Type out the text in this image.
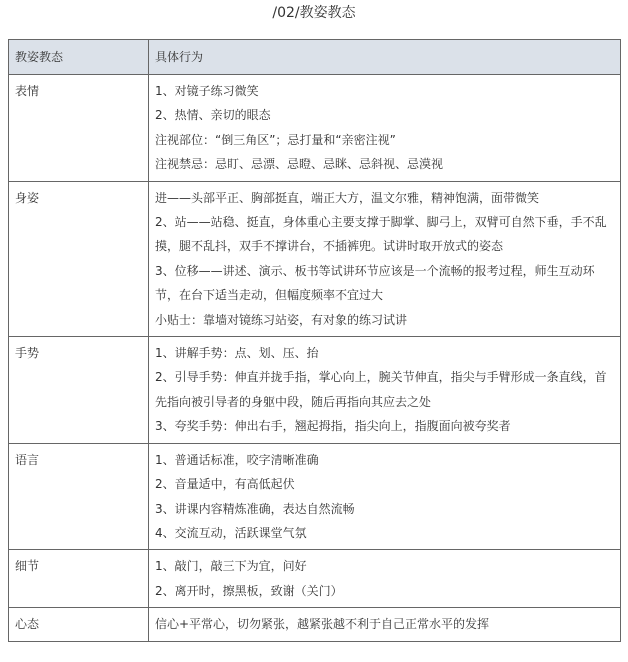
/02/教姿教态
教姿教态	具体行为

表情	1、对镜子练习微笑
2、热情、亲切的眼态
注视部位：“倒三角区”；忌打量和“亲密注视”
注视禁忌：忌盯、忌漂、忌瞪、忌眯、忌斜视、忌漠视

身姿	进——头部平正、胸部挺直，端正大方，温文尔雅，精神饱满，面带微笑
2、站——站稳、挺直，身体重心主要支撑于脚掌、脚弓上，双臂可自然下垂，手不乱摸，腿不乱抖，双手不撑讲台，不插裤兜。试讲时取开放式的姿态
3、位移——讲述、演示、板书等试讲环节应该是一个流畅的报考过程，师生互动环节，在台下适当走动，但幅度频率不宜过大
小贴士：靠墙对镜练习站姿，有对象的练习试讲

手势	1、讲解手势：点、划、压、抬
2、引导手势：伸直并拢手指，掌心向上，腕关节伸直，指尖与手臂形成一条直线，首先指向被引导者的身躯中段，随后再指向其应去之处
3、夸奖手势：伸出右手，翘起拇指，指尖向上，指腹面向被夸奖者

语言	1、普通话标准，咬字清晰准确
2、音量适中，有高低起伏
3、讲课内容精炼准确，表达自然流畅
4、交流互动，活跃课堂气氛

细节	1、敲门，敲三下为宜，问好
2、离开时，擦黑板，致谢（关门）

心态	信心+平常心，切勿紧张，越紧张越不利于自己正常水平的发挥
